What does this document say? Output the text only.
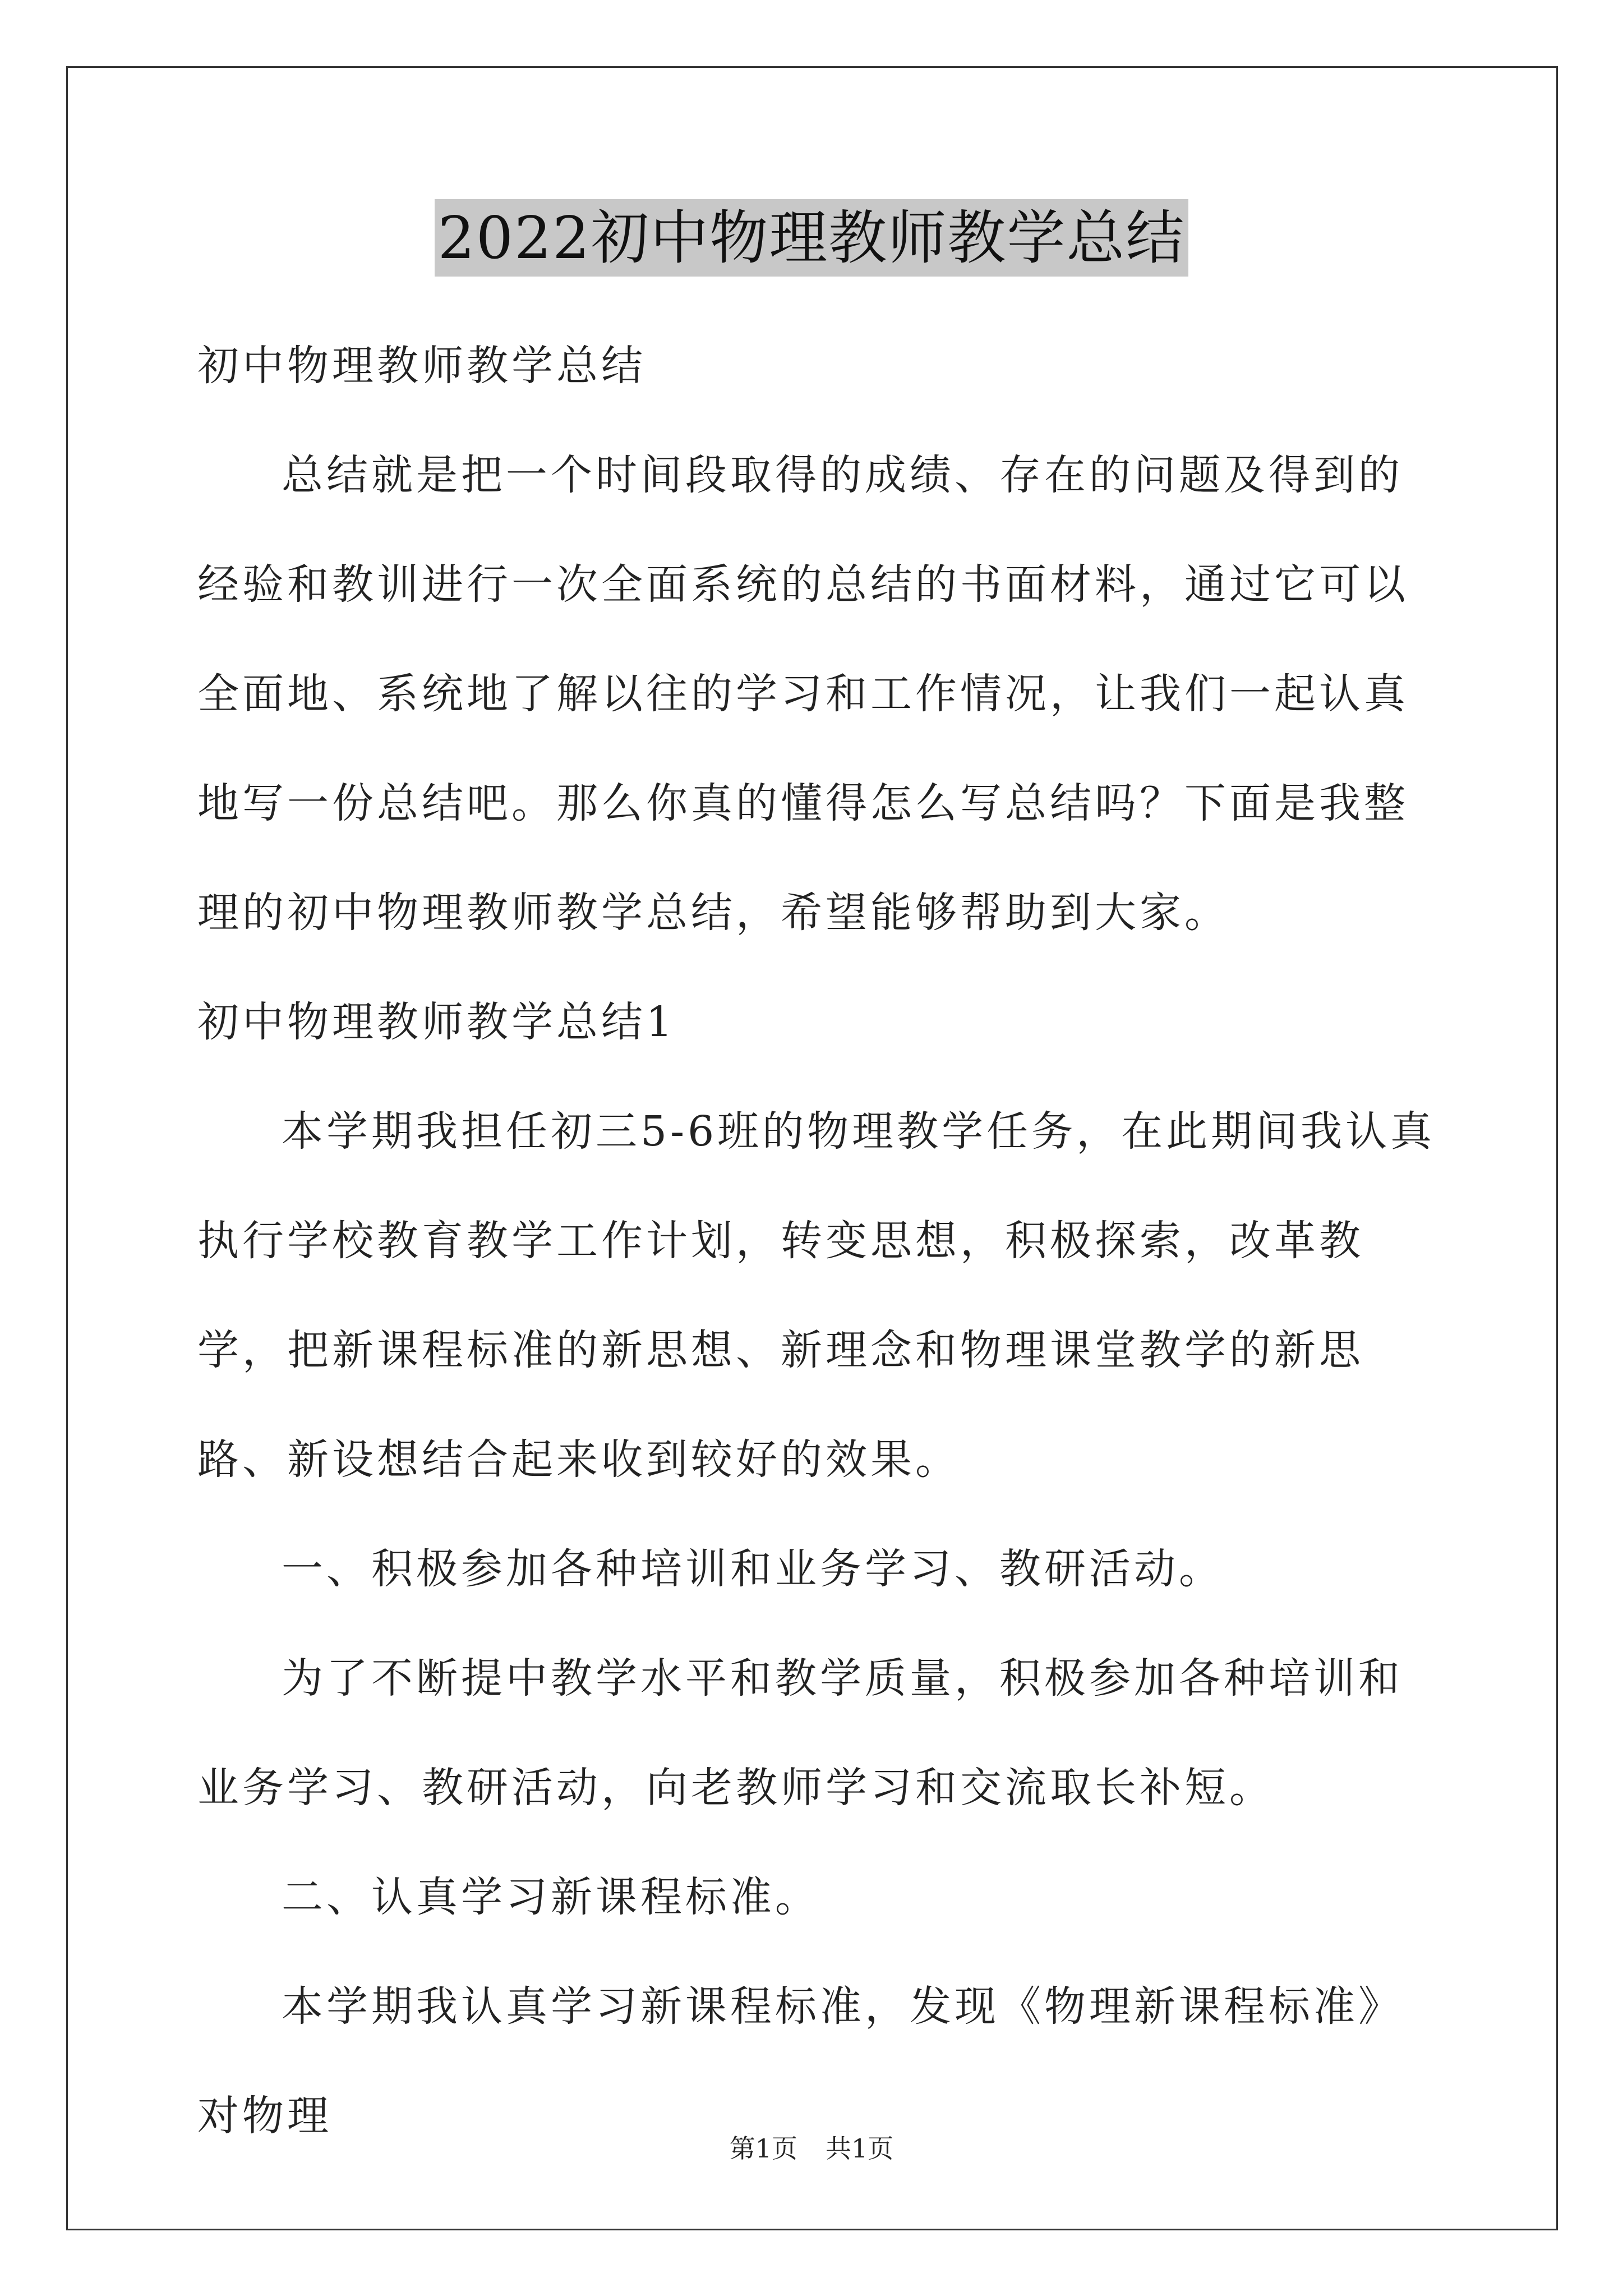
2022初中物理教师教学总结

初中物理教师教学总结

总结就是把一个时间段取得的成绩、存在的问题及得到的经验和教训进行一次全面系统的总结的书面材料，通过它可以全面地、系统地了解以往的学习和工作情况，让我们一起认真地写一份总结吧。那么你真的懂得怎么写总结吗？下面是我整理的初中物理教师教学总结，希望能够帮助到大家。

初中物理教师教学总结1

本学期我担任初三5-6班的物理教学任务，在此期间我认真执行学校教育教学工作计划，转变思想，积极探索，改革教学，把新课程标准的新思想、新理念和物理课堂教学的新思路、新设想结合起来收到较好的效果。

一、积极参加各种培训和业务学习、教研活动。

为了不断提中教学水平和教学质量，积极参加各种培训和业务学习、教研活动，向老教师学习和交流取长补短。

二、认真学习新课程标准。

本学期我认真学习新课程标准，发现《物理新课程标准》对物理

第1页 共1页
